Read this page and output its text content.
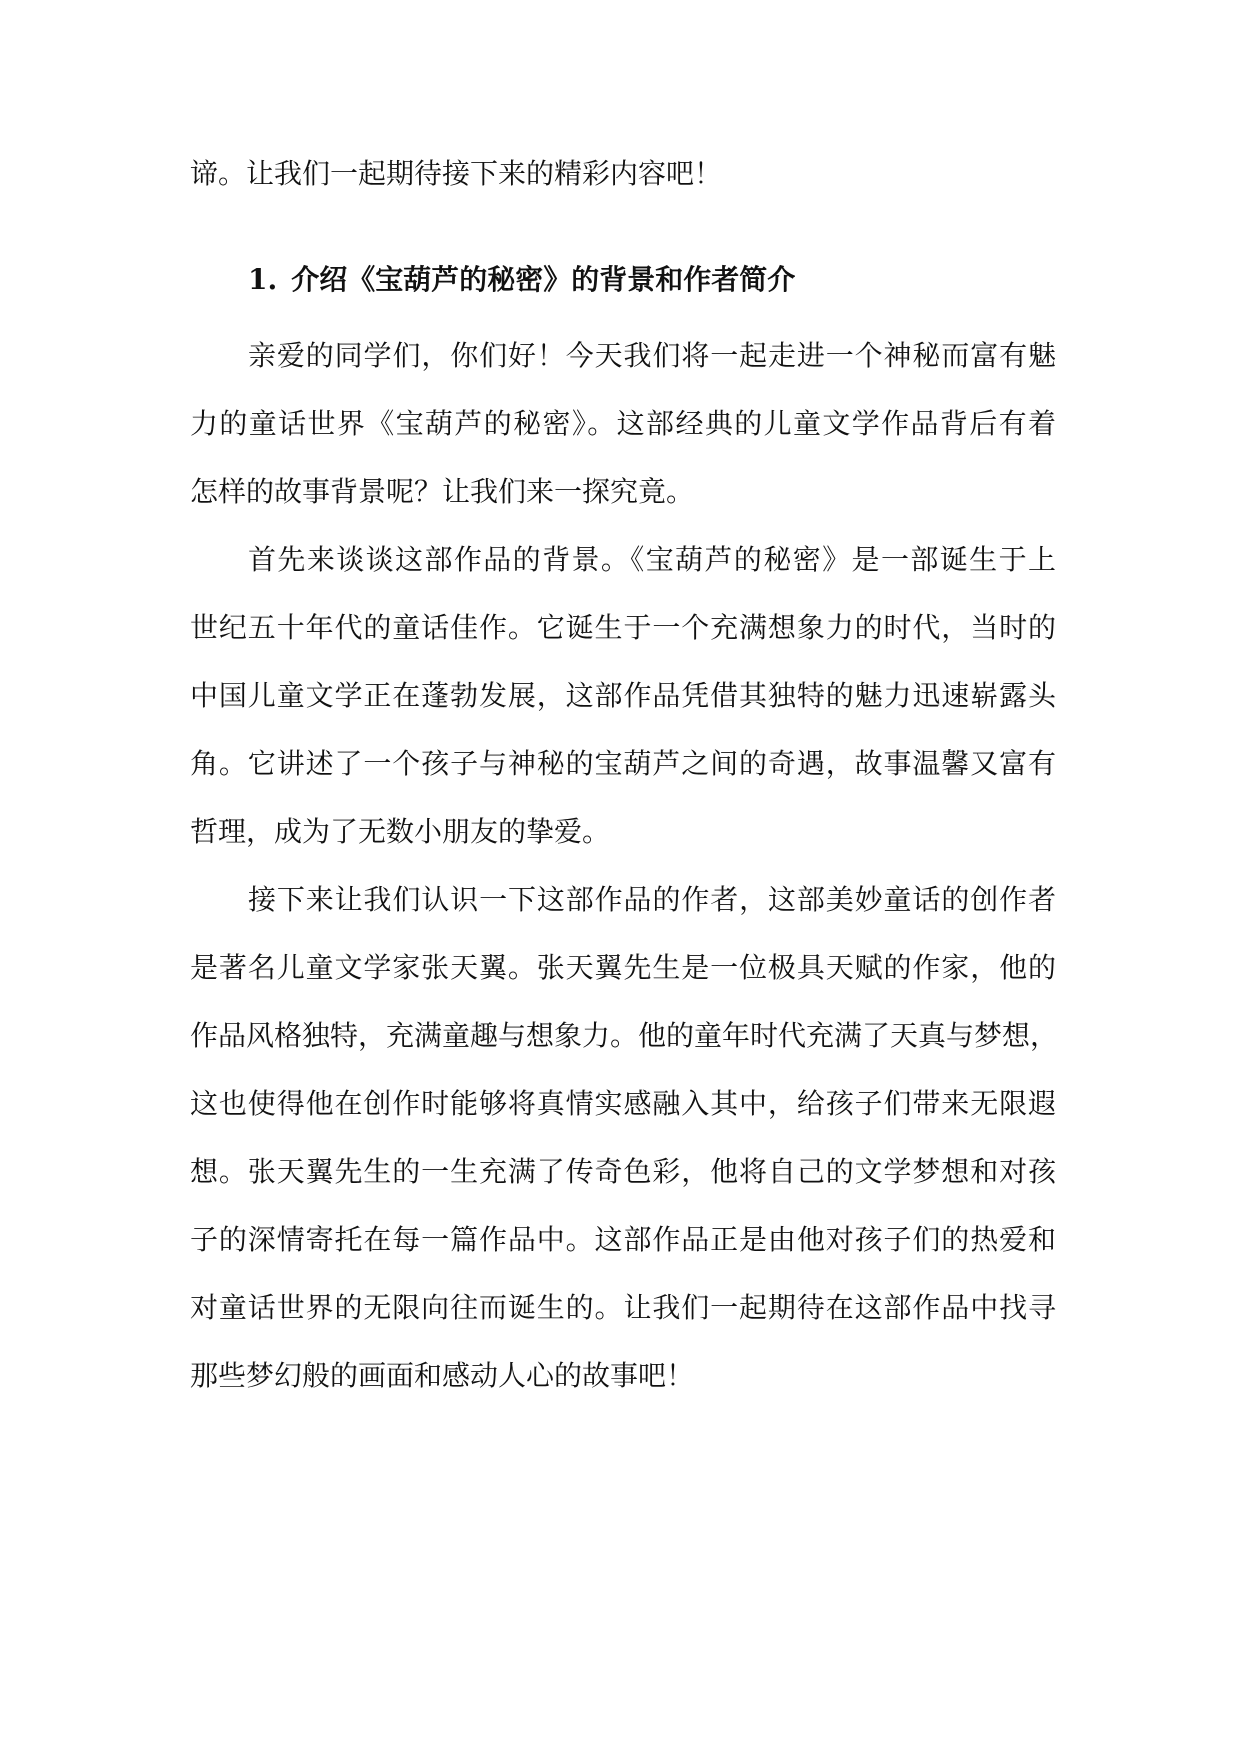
谛。让我们一起期待接下来的精彩内容吧！

1. 介绍《宝葫芦的秘密》的背景和作者简介

亲爱的同学们，你们好！今天我们将一起走进一个神秘而富有魅

力的童话世界《宝葫芦的秘密》。这部经典的儿童文学作品背后有着

怎样的故事背景呢？让我们来一探究竟。

首先来谈谈这部作品的背景。《宝葫芦的秘密》是一部诞生于上

世纪五十年代的童话佳作。它诞生于一个充满想象力的时代，当时的

中国儿童文学正在蓬勃发展，这部作品凭借其独特的魅力迅速崭露头

角。它讲述了一个孩子与神秘的宝葫芦之间的奇遇，故事温馨又富有

哲理，成为了无数小朋友的挚爱。

接下来让我们认识一下这部作品的作者，这部美妙童话的创作者

是著名儿童文学家张天翼。张天翼先生是一位极具天赋的作家，他的

作品风格独特，充满童趣与想象力。他的童年时代充满了天真与梦想，

这也使得他在创作时能够将真情实感融入其中，给孩子们带来无限遐

想。张天翼先生的一生充满了传奇色彩，他将自己的文学梦想和对孩

子的深情寄托在每一篇作品中。这部作品正是由他对孩子们的热爱和

对童话世界的无限向往而诞生的。让我们一起期待在这部作品中找寻

那些梦幻般的画面和感动人心的故事吧！
